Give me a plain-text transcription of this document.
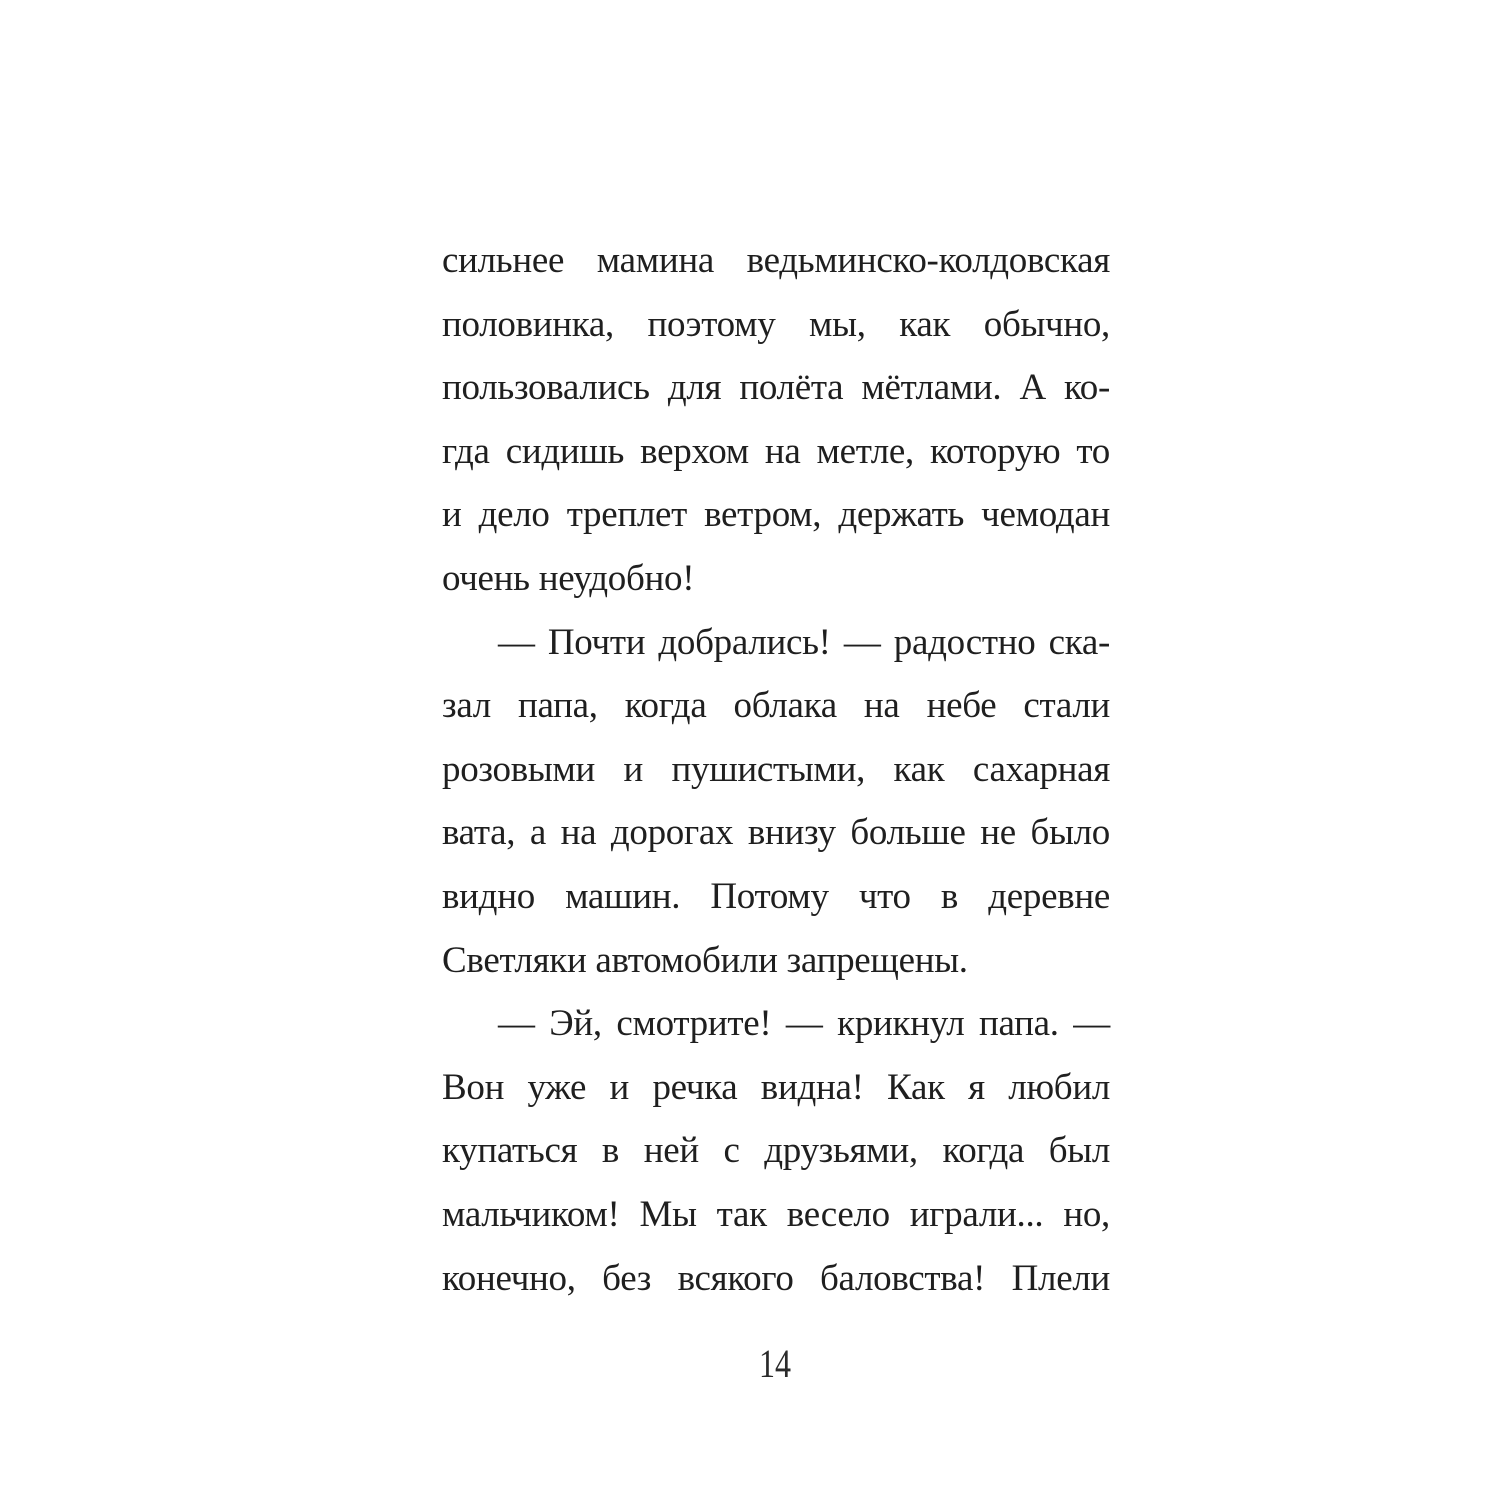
сильнее мамина ведьминско-колдовская
половинка, поэтому мы, как обычно,
пользовались для полёта мётлами. А ко-
гда сидишь верхом на метле, которую то
и дело треплет ветром, держать чемодан
очень неудобно!
— Почти добрались! — радостно ска-
зал папа, когда облака на небе стали
розовыми и пушистыми, как сахарная
вата, а на дорогах внизу больше не было
видно машин. Потому что в деревне
Светляки автомобили запрещены.
— Эй, смотрите! — крикнул папа. —
Вон уже и речка видна! Как я любил
купаться в ней с друзьями, когда был
мальчиком! Мы так весело играли... но,
конечно, без всякого баловства! Плели
14
